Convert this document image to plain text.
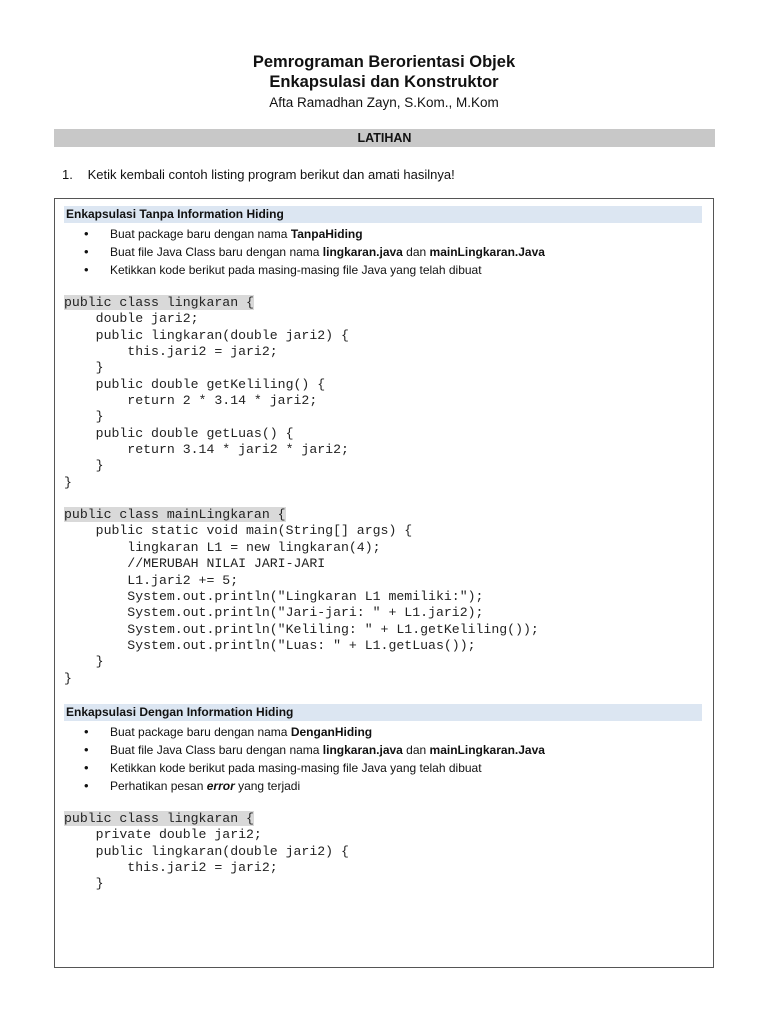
Pemrograman Berorientasi Objek
Enkapsulasi dan Konstruktor
Afta Ramadhan Zayn, S.Kom., M.Kom
LATIHAN
1. Ketik kembali contoh listing program berikut dan amati hasilnya!
Enkapsulasi Tanpa Information Hiding
• Buat package baru dengan nama TanpaHiding
• Buat file Java Class baru dengan nama lingkaran.java dan mainLingkaran.Java
• Ketikkan kode berikut pada masing-masing file Java yang telah dibuat
public class lingkaran {
double jari2;
public lingkaran(double jari2) {
this.jari2 = jari2;
}
public double getKeliling() {
return 2 * 3.14 * jari2;
}
public double getLuas() {
return 3.14 * jari2 * jari2;
}
}
public class mainLingkaran {
public static void main(String[] args) {
lingkaran L1 = new lingkaran(4);
//MERUBAH NILAI JARI-JARI
L1.jari2 += 5;
System.out.println("Lingkaran L1 memiliki:");
System.out.println("Jari-jari: " + L1.jari2);
System.out.println("Keliling: " + L1.getKeliling());
System.out.println("Luas: " + L1.getLuas());
}
}
Enkapsulasi Dengan Information Hiding
• Buat package baru dengan nama DenganHiding
• Buat file Java Class baru dengan nama lingkaran.java dan mainLingkaran.Java
• Ketikkan kode berikut pada masing-masing file Java yang telah dibuat
• Perhatikan pesan error yang terjadi
public class lingkaran {
private double jari2;
public lingkaran(double jari2) {
this.jari2 = jari2;
}
